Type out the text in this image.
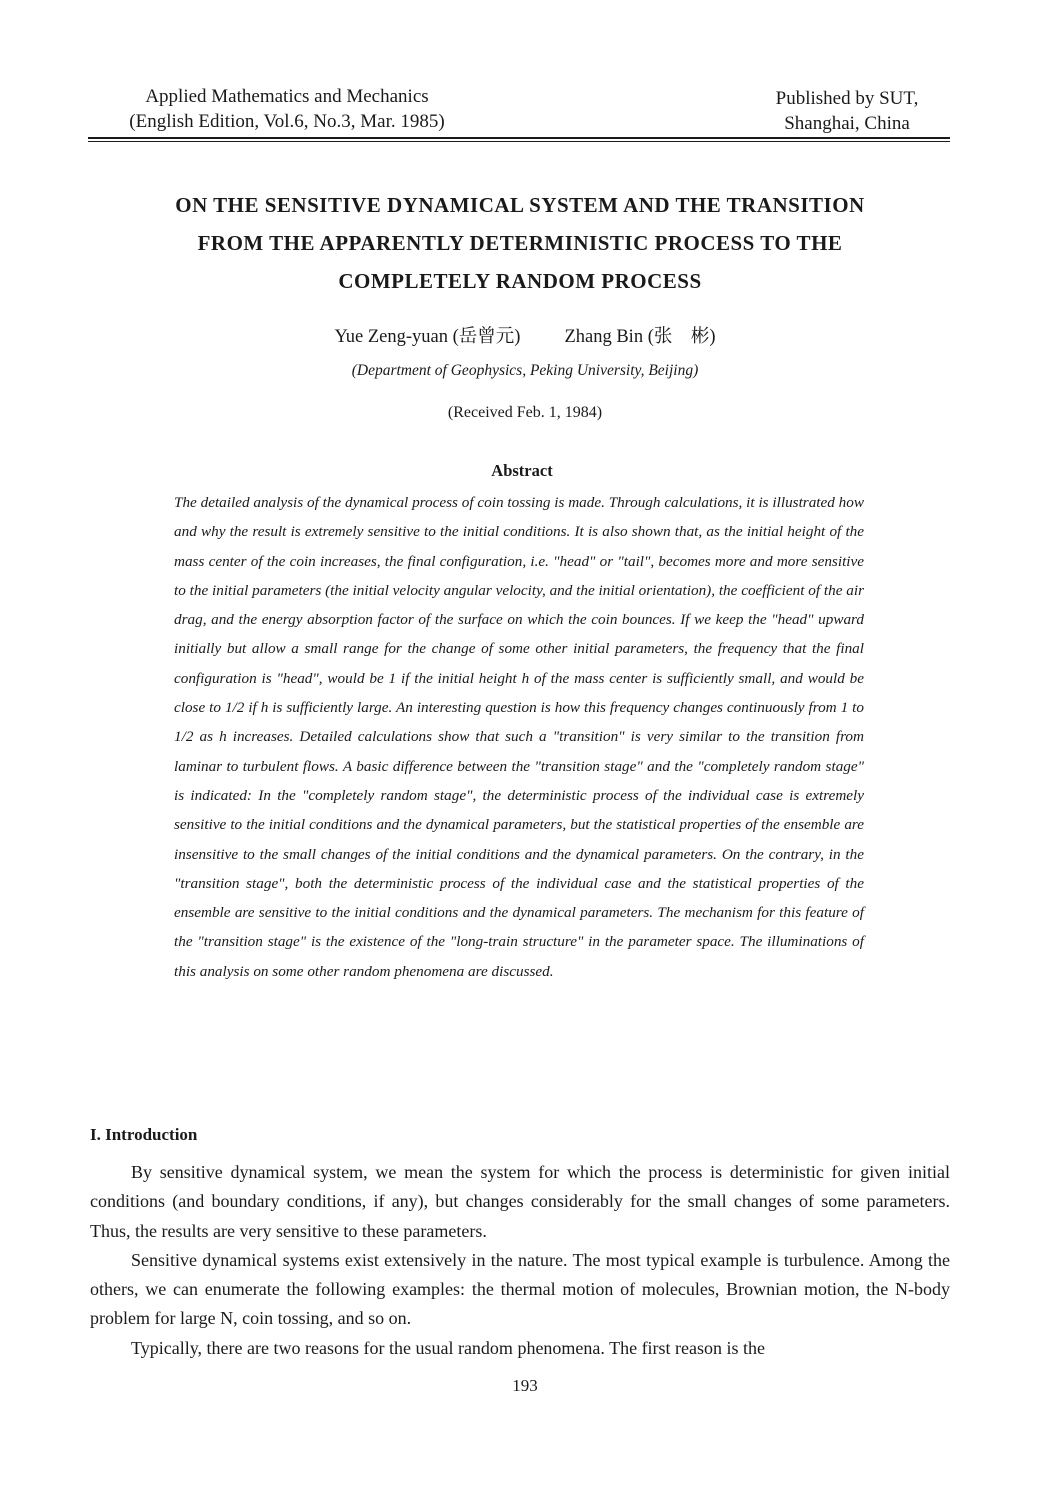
Applied Mathematics and Mechanics
(English Edition, Vol.6, No.3, Mar. 1985)
Published by SUT,
Shanghai, China
ON THE SENSITIVE DYNAMICAL SYSTEM AND THE TRANSITION
FROM THE APPARENTLY DETERMINISTIC PROCESS TO THE
COMPLETELY RANDOM PROCESS
Yue Zeng-yuan (岳曾元) Zhang Bin (张　彬)
(Department of Geophysics, Peking University, Beijing)
(Received Feb. 1, 1984)
Abstract
The detailed analysis of the dynamical process of coin tossing is made. Through calculations, it is illustrated how and why the result is extremely sensitive to the initial conditions. It is also shown that, as the initial height of the mass center of the coin increases, the final configuration, i.e. "head" or "tail", becomes more and more sensitive to the initial parameters (the initial velocity angular velocity, and the initial orientation), the coefficient of the air drag, and the energy absorption factor of the surface on which the coin bounces. If we keep the "head" upward initially but allow a small range for the change of some other initial parameters, the frequency that the final configuration is "head", would be 1 if the initial height h of the mass center is sufficiently small, and would be close to 1/2 if h is sufficiently large. An interesting question is how this frequency changes continuously from 1 to 1/2 as h increases. Detailed calculations show that such a "transition" is very similar to the transition from laminar to turbulent flows. A basic difference between the "transition stage" and the "completely random stage" is indicated: In the "completely random stage", the deterministic process of the individual case is extremely sensitive to the initial conditions and the dynamical parameters, but the statistical properties of the ensemble are insensitive to the small changes of the initial conditions and the dynamical parameters. On the contrary, in the "transition stage", both the deterministic process of the individual case and the statistical properties of the ensemble are sensitive to the initial conditions and the dynamical parameters. The mechanism for this feature of the "transition stage" is the existence of the "long-train structure" in the parameter space. The illuminations of this analysis on some other random phenomena are discussed.
I. Introduction

By sensitive dynamical system, we mean the system for which the process is deterministic for given initial conditions (and boundary conditions, if any), but changes considerably for the small changes of some parameters. Thus, the results are very sensitive to these parameters.

Sensitive dynamical systems exist extensively in the nature. The most typical example is turbulence. Among the others, we can enumerate the following examples: the thermal motion of molecules, Brownian motion, the N-body problem for large N, coin tossing, and so on.

Typically, there are two reasons for the usual random phenomena. The first reason is the

193
